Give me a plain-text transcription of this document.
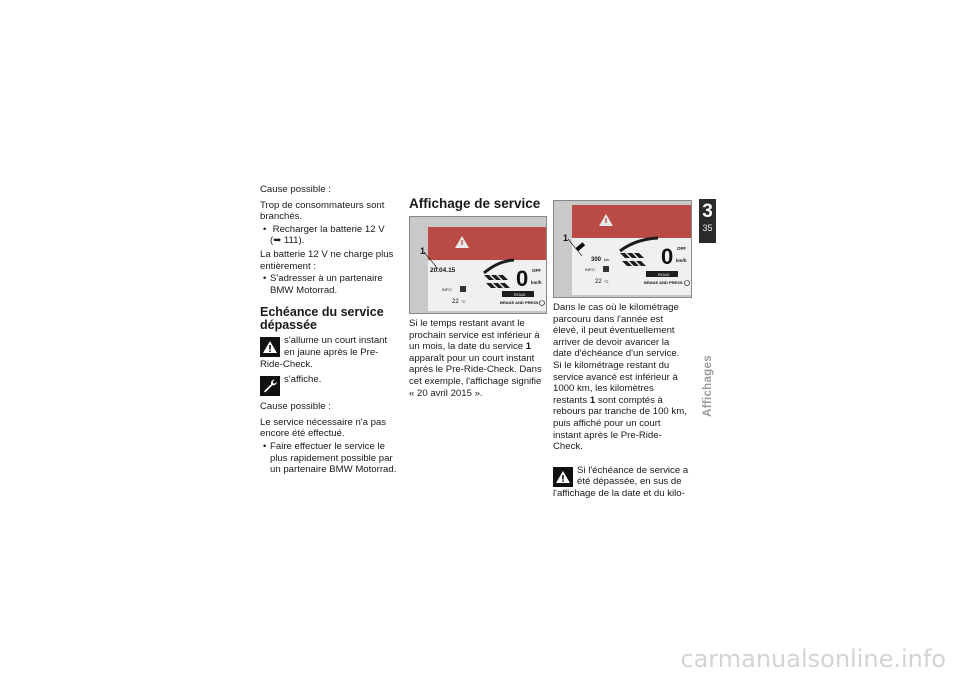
Cause possible :

Trop de consommateurs sont branchés.

• Recharger la batterie 12 V
(➥ 111).

La batterie 12 V ne charge plus entièrement :

• S'adresser à un partenaire BMW Motorrad.
Echéance du service dépassée
s'allume un court instant en jaune après le Pre-Ride-Check.
s'affiche.

Cause possible :

Le service nécessaire n'a pas encore été effectué.

• Faire effectuer le service le plus rapidement possible par un partenaire BMW Motorrad.
Affichage de service
1
20.04.15	0 OFF
km/h
INFO
22 °C
ROAD
BRAKE AND PRESS

Si le temps restant avant le prochain service est inférieur à un mois, la date du service 1 apparaît pour un court instant après le Pre-Ride-Check. Dans cet exemple, l'affichage signifie « 20 avril 2015 ».

1
300 km 0 OFF
km/h
INFO
22 °C
ROAD
BRAKE AND PRESS

Dans le cas où le kilométrage parcouru dans l'année est élevé, il peut éventuellement arriver de devoir avancer la date d'échéance d'un service. Si le kilométrage restant du service avancé est inférieur à 1000 km, les kilomètres restants 1 sont comptés à rebours par tranche de 100 km, puis affiché pour un court instant après le Pre-Ride-Check.

Si l'échéance de service a été dépassée, en sus de l'affichage de la date et du kilo-
3
35
Affichages
carmanualsonline.info
